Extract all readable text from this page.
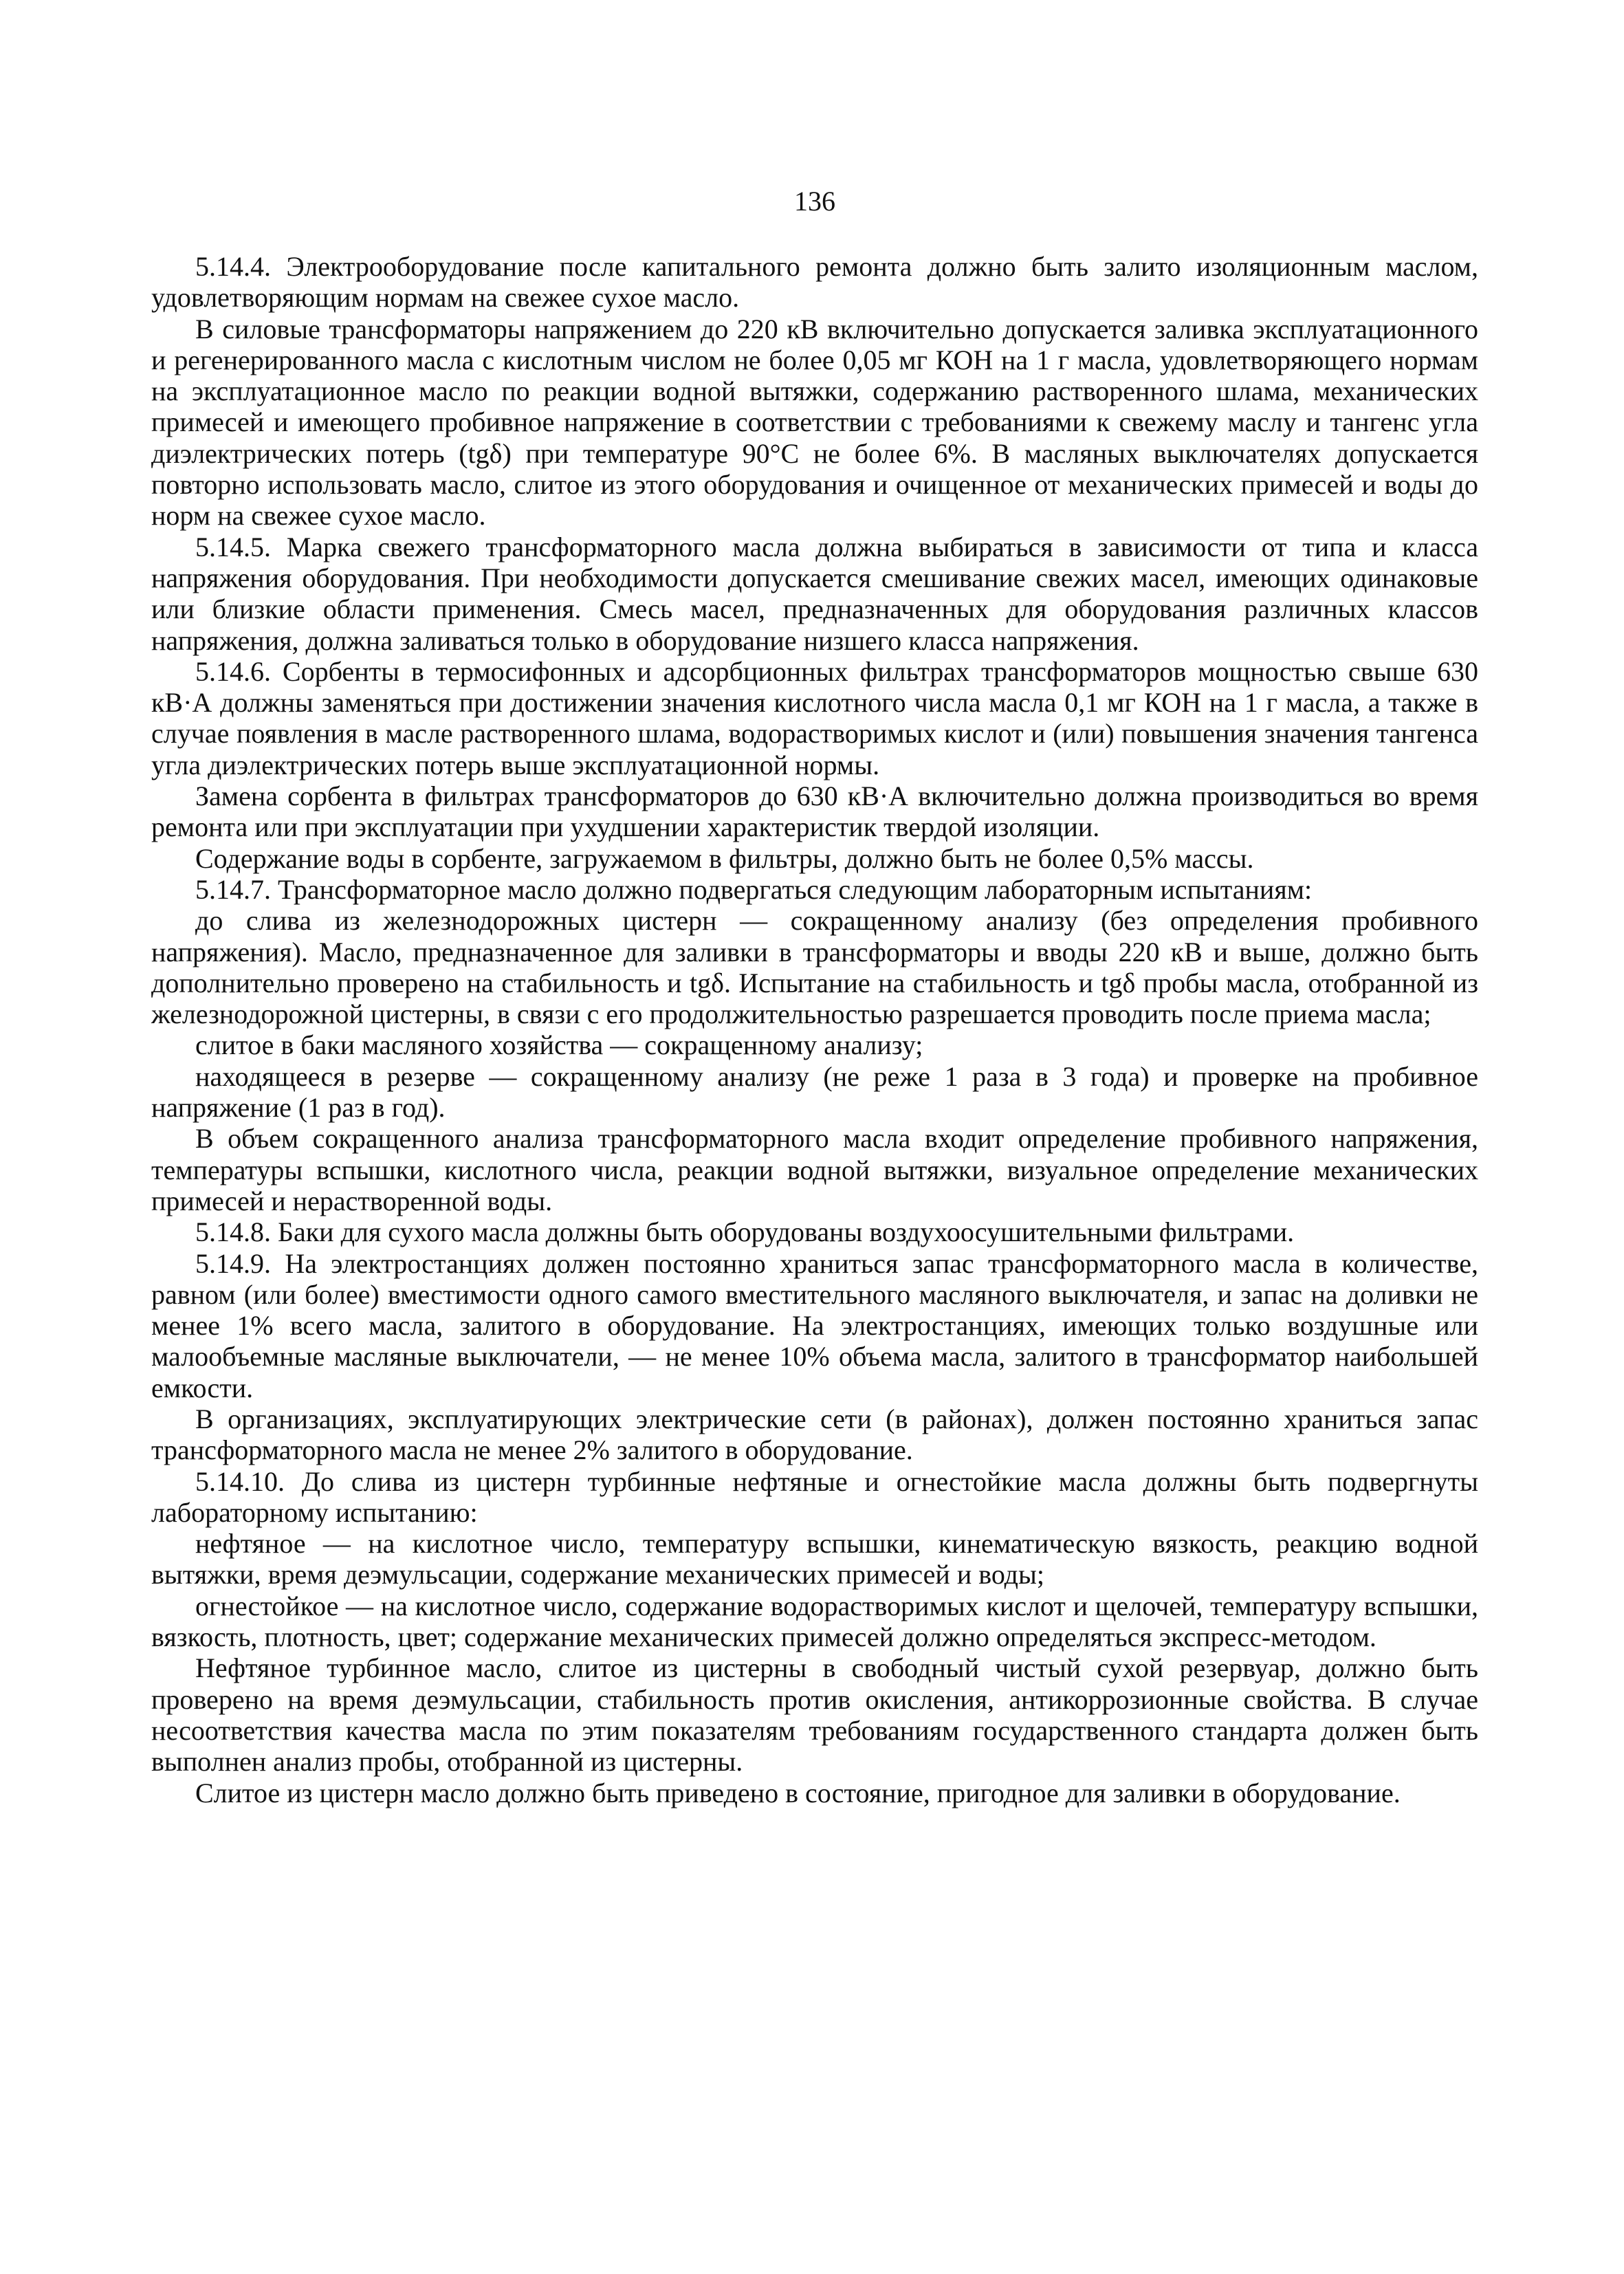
136

5.14.4. Электрооборудование после капитального ремонта должно быть залито изоляционным маслом, удовлетворяющим нормам на свежее сухое масло.

В силовые трансформаторы напряжением до 220 кВ включительно допускается заливка эксплуатационного и регенерированного масла с кислотным числом не более 0,05 мг КОН на 1 г масла, удовлетворяющего нормам на эксплуатационное масло по реакции водной вытяжки, содержанию растворенного шлама, механических примесей и имеющего пробивное напряжение в соответствии с требованиями к свежему маслу и тангенс угла диэлектрических потерь (tgδ) при температуре 90°С не более 6%. В масляных выключателях допускается повторно использовать масло, слитое из этого оборудования и очищенное от механических примесей и воды до норм на свежее сухое масло.

5.14.5. Марка свежего трансформаторного масла должна выбираться в зависимости от типа и класса напряжения оборудования. При необходимости допускается смешивание свежих масел, имеющих одинаковые или близкие области применения. Смесь масел, предназначенных для оборудования различных классов напряжения, должна заливаться только в оборудование низшего класса напряжения.

5.14.6. Сорбенты в термосифонных и адсорбционных фильтрах трансформаторов мощностью свыше 630 кВ·А должны заменяться при достижении значения кислотного числа масла 0,1 мг КОН на 1 г масла, а также в случае появления в масле растворенного шлама, водорастворимых кислот и (или) повышения значения тангенса угла диэлектрических потерь выше эксплуатационной нормы.

Замена сорбента в фильтрах трансформаторов до 630 кВ·А включительно должна производиться во время ремонта или при эксплуатации при ухудшении характеристик твердой изоляции.

Содержание воды в сорбенте, загружаемом в фильтры, должно быть не более 0,5% массы.

5.14.7. Трансформаторное масло должно подвергаться следующим лабораторным испытаниям:

до слива из железнодорожных цистерн — сокращенному анализу (без определения пробивного напряжения). Масло, предназначенное для заливки в трансформаторы и вводы 220 кВ и выше, должно быть дополнительно проверено на стабильность и tgδ. Испытание на стабильность и tgδ пробы масла, отобранной из железнодорожной цистерны, в связи с его продолжительностью разрешается проводить после приема масла;

слитое в баки масляного хозяйства — сокращенному анализу;

находящееся в резерве — сокращенному анализу (не реже 1 раза в 3 года) и проверке на пробивное напряжение (1 раз в год).

В объем сокращенного анализа трансформаторного масла входит определение пробивного напряжения, температуры вспышки, кислотного числа, реакции водной вытяжки, визуальное определение механических примесей и нерастворенной воды.

5.14.8. Баки для сухого масла должны быть оборудованы воздухоосушительными фильтрами.

5.14.9. На электростанциях должен постоянно храниться запас трансформаторного масла в количестве, равном (или более) вместимости одного самого вместительного масляного выключателя, и запас на доливки не менее 1% всего масла, залитого в оборудование. На электростанциях, имеющих только воздушные или малообъемные масляные выключатели, — не менее 10% объема масла, залитого в трансформатор наибольшей емкости.

В организациях, эксплуатирующих электрические сети (в районах), должен постоянно храниться запас трансформаторного масла не менее 2% залитого в оборудование.

5.14.10. До слива из цистерн турбинные нефтяные и огнестойкие масла должны быть подвергнуты лабораторному испытанию:

нефтяное — на кислотное число, температуру вспышки, кинематическую вязкость, реакцию водной вытяжки, время деэмульсации, содержание механических примесей и воды;

огнестойкое — на кислотное число, содержание водорастворимых кислот и щелочей, температуру вспышки, вязкость, плотность, цвет; содержание механических примесей должно определяться экспресс-методом.

Нефтяное турбинное масло, слитое из цистерны в свободный чистый сухой резервуар, должно быть проверено на время деэмульсации, стабильность против окисления, антикоррозионные свойства. В случае несоответствия качества масла по этим показателям требованиям государственного стандарта должен быть выполнен анализ пробы, отобранной из цистерны.

Слитое из цистерн масло должно быть приведено в состояние, пригодное для заливки в оборудование.
